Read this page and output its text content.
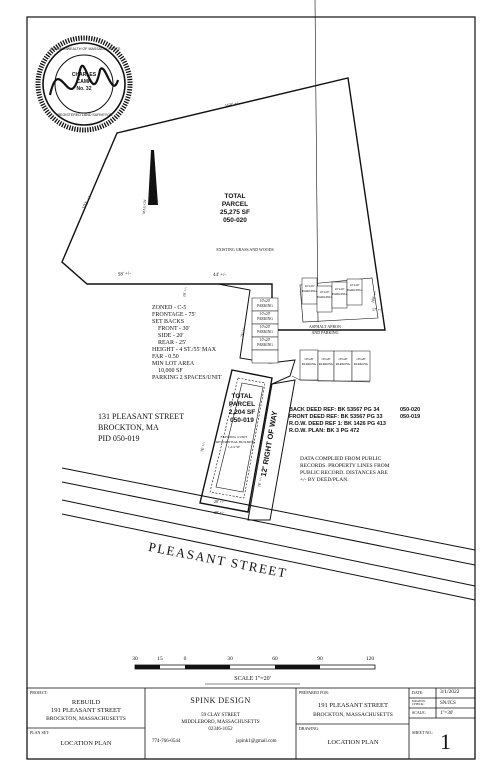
CHARLES
CAMP
No. 32
COMMONWEALTH OF MASSACHUSETTS
REGISTERED LAND SURVEYOR
160' +/-
192' +/-
93' +/-	44' +/-
18' +/-
76' +/-
100' +/-
17' +/-
76' +/-
76' +/-
28' +/-
28' +/-
MAG GN
TOTAL
PARCEL
25,275 SF
050-020
EXISTING GRASS AND WOODS
ASPHALT APRON
AND PARKING
10'x20'
PARKING
10'x20'
PARKING
10'x20'
PARKING
10'x20'
PARKING
10'x20'
PARKING 10'x20'
PARKING
10'x20'
PARKING
10'x20'
PARKING
10'x20'
PARKING
10'x20'
PARKING
10'x20'
PARKING
10'x20'
PARKING
ZONED - C-5
FRONTAGE - 75'
SET BACKS
FRONT - 30'
SIDE - 20'
REAR - 25'
HEIGHT - 4 ST./55' MAX
FAR - 0.50
MIN LOT AREA
10,000 SF
PARKING 2 SPACES/UNIT
131 PLEASANT STREET
BROCKTON, MA
PID 050-019
TOTAL
PARCEL
2,204 SF
050-019
EXISTING 4 UNIT
RESIDENTIAL BUILDING
1,212 SF	12' RIGHT OF WAY
PLEASANT STREET
BACK DEED REF: BK 53567 PG 34	050-020
FRONT DEED REF: BK 53567 PG 33	050-019
R.O.W. DEED REF 1: BK 1426 PG 413
R.O.W. PLAN: BK 3 PG 472
DATA COMPLIED FROM PUBLIC
RECORDS. PROPERTY LINES FROM
PUBLIC RECORD. DISTANCES ARE
+/- BY DEED/PLAN.
30	15	0	30	60	90	120
SCALE 1"=20'
PROJECT:
REBUILD
191 PLEASANT STREET
BROCKTON, MASSACHUSETTS
PLAN SET:
LOCATION PLAN
SPINK DESIGN
59 CLAY STREET
MIDDLEBORO, MASSACHUSETTS
02346-1052
774-766-0544	jspink1@gmail.com
PREPARED FOR:
191 PLEASANT STREET
BROCKTON, MASSACHUSETTS
DRAWING:
LOCATION PLAN
DATE:	3/1/2022
DRAWN/ CHECK:	SN/JCS
SCALE:	1"=30'
SHEET NO.: 1
